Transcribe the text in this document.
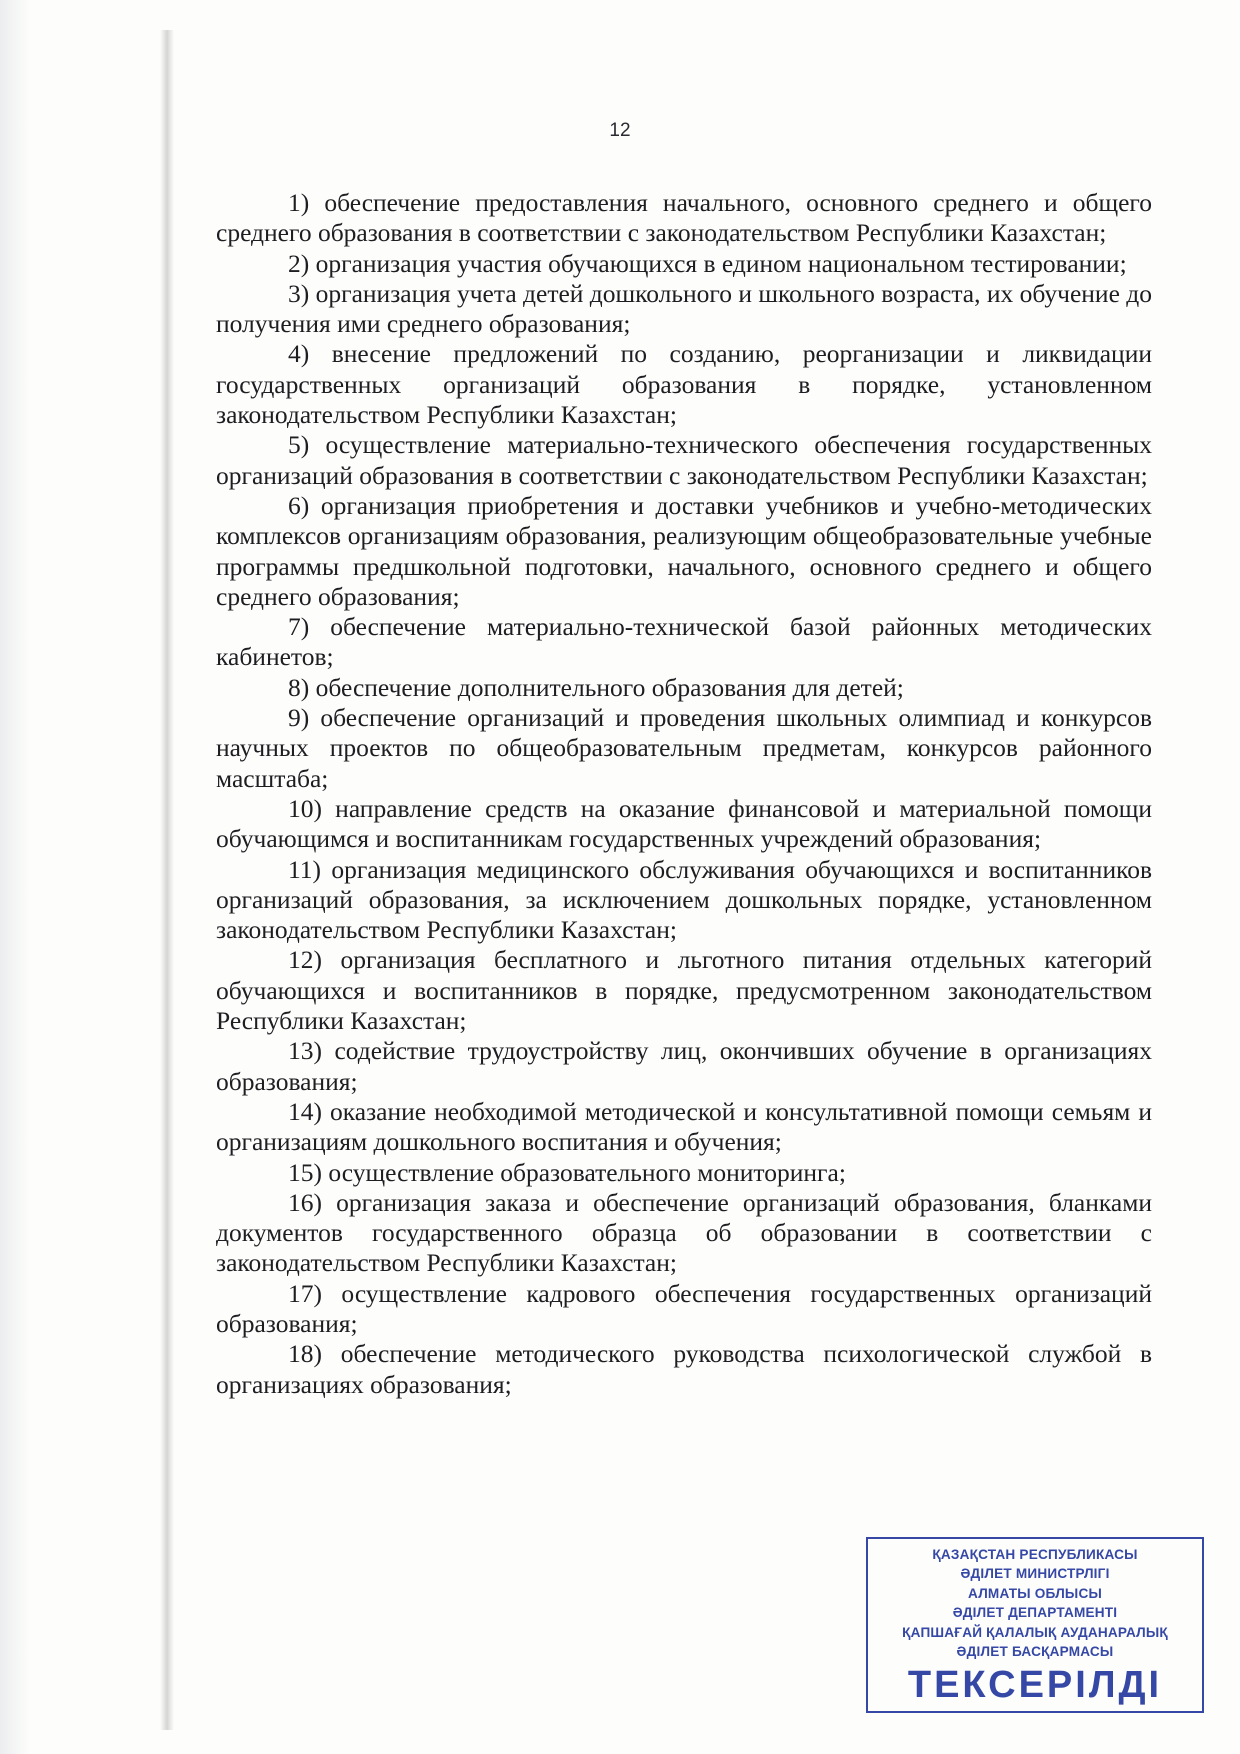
12

1) обеспечение предоставления начального, основного среднего и общего среднего образования в соответствии с законодательством Республики Казахстан;

2) организация участия обучающихся в едином национальном тестировании;

3) организация учета детей дошкольного и школьного возраста, их обучение до получения ими среднего образования;

4) внесение предложений по созданию, реорганизации и ликвидации государственных организаций образования в порядке, установленном законодательством Республики Казахстан;

5) осуществление материально-технического обеспечения государственных организаций образования в соответствии с законодательством Республики Казахстан;

6) организация приобретения и доставки учебников и учебно-методических комплексов организациям образования, реализующим общеобразовательные учебные программы предшкольной подготовки, начального, основного среднего и общего среднего образования;

7) обеспечение материально-технической базой районных методических кабинетов;

8) обеспечение дополнительного образования для детей;

9) обеспечение организаций и проведения школьных олимпиад и конкурсов научных проектов по общеобразовательным предметам, конкурсов районного масштаба;

10) направление средств на оказание финансовой и материальной помощи обучающимся и воспитанникам государственных учреждений образования;

11) организация медицинского обслуживания обучающихся и воспитанников организаций образования, за исключением дошкольных порядке, установленном законодательством Республики Казахстан;

12) организация бесплатного и льготного питания отдельных категорий обучающихся и воспитанников в порядке, предусмотренном законодательством Республики Казахстан;

13) содействие трудоустройству лиц, окончивших обучение в организациях образования;

14) оказание необходимой методической и консультативной помощи семьям и организациям дошкольного воспитания и обучения;

15) осуществление образовательного мониторинга;

16) организация заказа и обеспечение организаций образования, бланками документов государственного образца об образовании в соответствии с законодательством Республики Казахстан;

17) осуществление кадрового обеспечения государственных организаций образования;

18) обеспечение методического руководства психологической службой в организациях образования;

ҚАЗАҚСТАН РЕСПУБЛИКАСЫ
ӘДІЛЕТ МИНИСТРЛІГІ
АЛМАТЫ ОБЛЫСЫ
ӘДІЛЕТ ДЕПАРТАМЕНТІ
ҚАПШАҒАЙ ҚАЛАЛЫҚ АУДАНАРАЛЫҚ
ӘДІЛЕТ БАСҚАРМАСЫ
ТЕКСЕРІЛДІ
